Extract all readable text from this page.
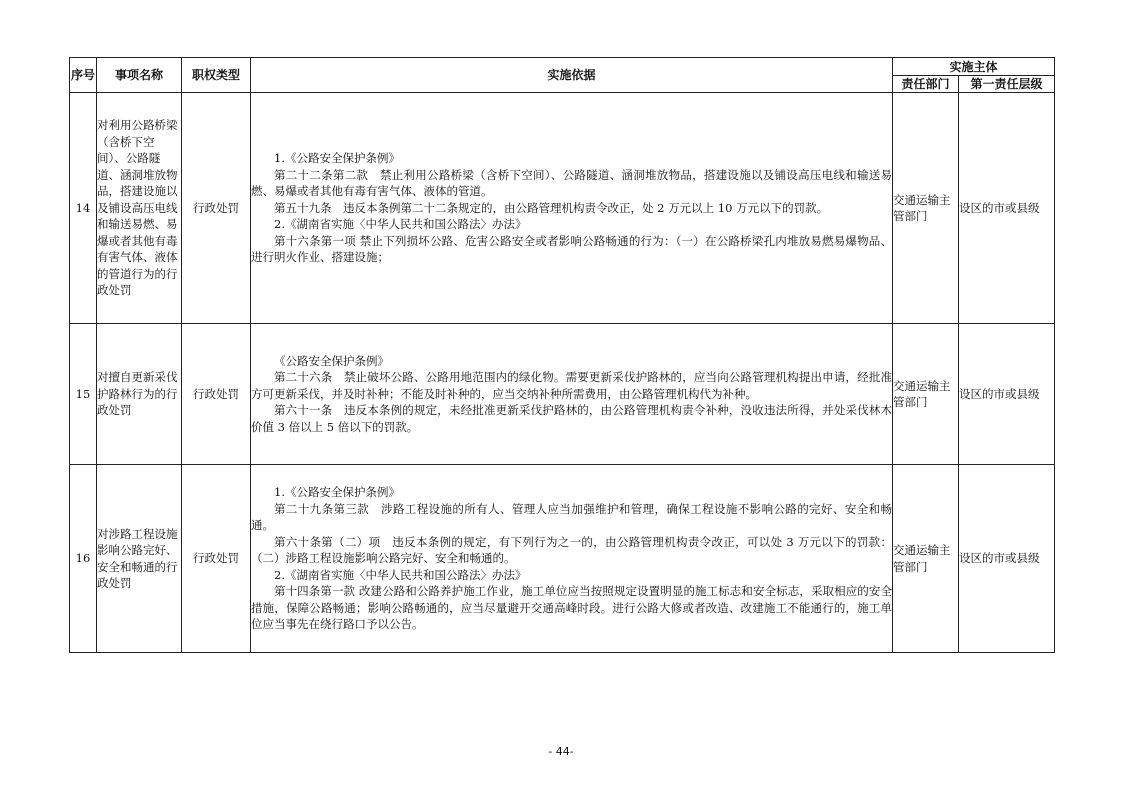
序号	事项名称	职权类型	实施依据	实施主体	
				责任部门	第一责任层级
14	对利用公路桥梁（含桥下空间）、公路隧道、涵洞堆放物品，搭建设施以及铺设高压电线和输送易燃、易爆或者其他有毒有害气体、液体的管道行为的行政处罚	行政处罚	1.《公路安全保护条例》
第二十二条第二款　禁止利用公路桥梁（含桥下空间）、公路隧道、涵洞堆放物品，搭建设施以及铺设高压电线和输送易燃、易爆或者其他有毒有害气体、液体的管道。
第五十九条　违反本条例第二十二条规定的，由公路管理机构责令改正，处 2 万元以上 10 万元以下的罚款。
2.《湖南省实施〈中华人民共和国公路法〉办法》
第十六条第一项 禁止下列损坏公路、危害公路安全或者影响公路畅通的行为：（一）在公路桥梁孔内堆放易燃易爆物品、进行明火作业、搭建设施；	交通运输主管部门	设区的市或县级
15	对擅自更新采伐护路林行为的行政处罚	行政处罚	《公路安全保护条例》
第二十六条　禁止破坏公路、公路用地范围内的绿化物。需要更新采伐护路林的，应当向公路管理机构提出申请，经批准方可更新采伐，并及时补种；不能及时补种的，应当交纳补种所需费用，由公路管理机构代为补种。
第六十一条　违反本条例的规定，未经批准更新采伐护路林的，由公路管理机构责令补种，没收违法所得，并处采伐林木价值 3 倍以上 5 倍以下的罚款。	交通运输主管部门	设区的市或县级
16	对涉路工程设施影响公路完好、安全和畅通的行政处罚	行政处罚	1.《公路安全保护条例》
第二十九条第三款　涉路工程设施的所有人、管理人应当加强维护和管理，确保工程设施不影响公路的完好、安全和畅通。
第六十条第（二）项　违反本条例的规定，有下列行为之一的，由公路管理机构责令改正，可以处 3 万元以下的罚款：（二）涉路工程设施影响公路完好、安全和畅通的。
2.《湖南省实施〈中华人民共和国公路法〉办法》
第十四条第一款 改建公路和公路养护施工作业，施工单位应当按照规定设置明显的施工标志和安全标志，采取相应的安全措施，保障公路畅通；影响公路畅通的，应当尽量避开交通高峰时段。进行公路大修或者改造、改建施工不能通行的，施工单位应当事先在绕行路口予以公告。	交通运输主管部门	设区的市或县级
- 44-
